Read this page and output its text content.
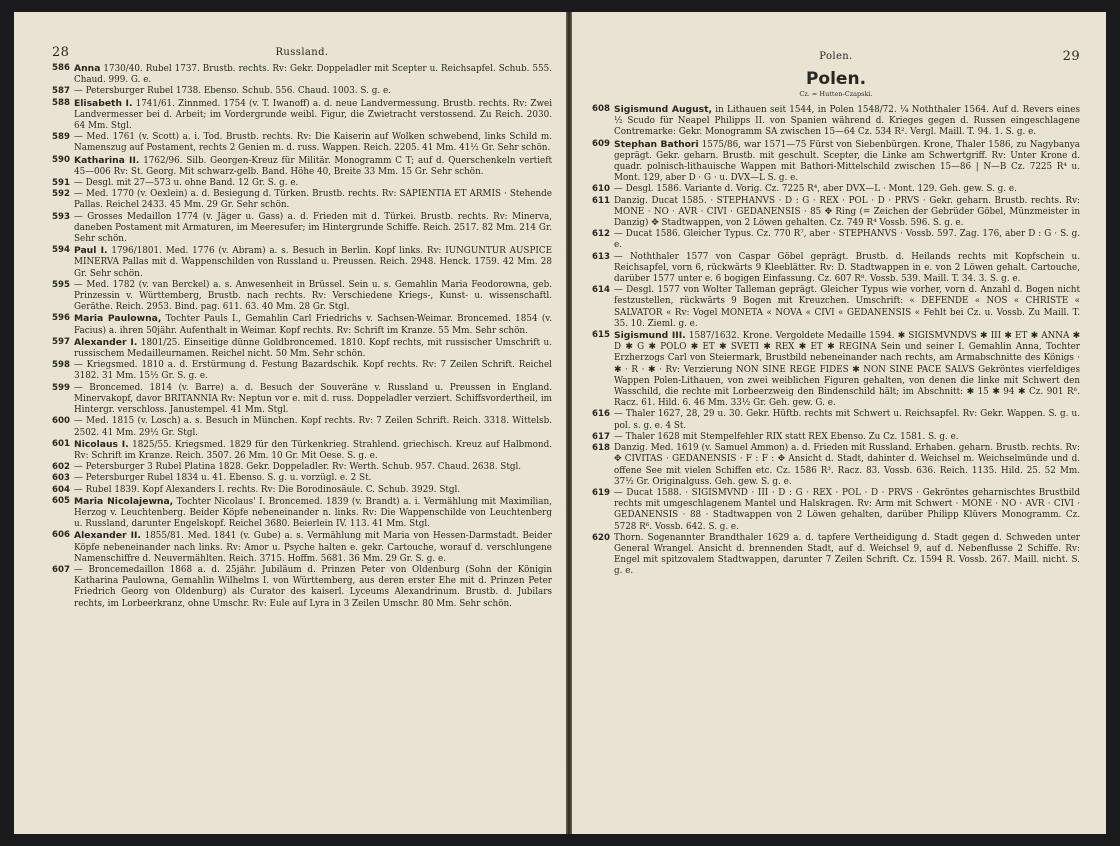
28	Russland.
586 Anna 1730/40. Rubel 1737. Brustb. rechts. Rv: Gekr. Doppeladler mit Scepter u. Reichsapfel. Schub. 555. Chaud. 999. G. e.
587 — Petersburger Rubel 1738. Ebenso. Schub. 556. Chaud. 1003. S. g. e.
588 Elisabeth I. 1741/61. Zinnmed. 1754 (v. T. Iwanoff) a. d. neue Landvermessung. Brustb. rechts. Rv: Zwei Landvermesser bei d. Arbeit; im Vordergrunde weibl. Figur, die Zwietracht verstossend. Zu Reich. 2030. 64 Mm. Stgl.
589 — Med. 1761 (v. Scott) a. i. Tod. Brustb. rechts. Rv: Die Kaiserin auf Wolken schwebend, links Schild m. Namenszug auf Postament, rechts 2 Genien m. d. russ. Wappen. Reich. 2205. 41 Mm. 41½ Gr. Sehr schön.
590 Katharina II. 1762/96. Silb. Georgen-Kreuz für Militär. Monogramm C T; auf d. Querschenkeln vertieft 45—006 Rv: St. Georg. Mit schwarz-gelb. Band. Höhe 40, Breite 33 Mm. 15 Gr. Sehr schön.
591 — Desgl. mit 27—573 u. ohne Band. 12 Gr. S. g. e.
592 — Med. 1770 (v. Oexlein) a. d. Besiegung d. Türken. Brustb. rechts. Rv: SAPIENTIA ET ARMIS · Stehende Pallas. Reichel 2433. 45 Mm. 29 Gr. Sehr schön.
593 — Grosses Medaillon 1774 (v. Jäger u. Gass) a. d. Frieden mit d. Türkei. Brustb. rechts. Rv: Minerva, daneben Postament mit Armaturen, im Meeresufer; im Hintergrunde Schiffe. Reich. 2517. 82 Mm. 214 Gr. Sehr schön.
594 Paul I. 1796/1801. Med. 1776 (v. Abram) a. s. Besuch in Berlin. Kopf links. Rv: IUNGUNTUR AUSPICE MINERVA Pallas mit d. Wappenschilden von Russland u. Preussen. Reich. 2948. Henck. 1759. 42 Mm. 28 Gr. Sehr schön.
595 — Med. 1782 (v. van Berckel) a. s. Anwesenheit in Brüssel. Sein u. s. Gemahlin Maria Feodorowna, geb. Prinzessin v. Württemberg, Brustb. nach rechts. Rv: Verschiedene Kriegs-, Kunst- u. wissenschaftl. Geräthe. Reich. 2953. Bind. pag. 611. 63. 40 Mm. 28 Gr. Stgl.
596 Maria Paulowna, Tochter Pauls I., Gemahlin Carl Friedrichs v. Sachsen-Weimar. Broncemed. 1854 (v. Facius) a. ihren 50jähr. Aufenthalt in Weimar. Kopf rechts. Rv: Schrift im Kranze. 55 Mm. Sehr schön.
597 Alexander I. 1801/25. Einseitige dünne Goldbroncemed. 1810. Kopf rechts, mit russischer Umschrift u. russischem Medailleurnamen. Reichel nicht. 50 Mm. Sehr schön.
598 — Kriegsmed. 1810 a. d. Erstürmung d. Festung Bazardschik. Kopf rechts. Rv: 7 Zeilen Schrift. Reichel 3182. 31 Mm. 15½ Gr. S. g. e.
599 — Broncemed. 1814 (v. Barre) a. d. Besuch der Souveräne v. Russland u. Preussen in England. Minervakopf, davor BRITANNIA Rv: Neptun vor e. mit d. russ. Doppeladler verziert. Schiffsvordertheil, im Hintergr. verschloss. Janustempel. 41 Mm. Stgl.
600 — Med. 1815 (v. Losch) a. s. Besuch in München. Kopf rechts. Rv: 7 Zeilen Schrift. Reich. 3318. Wittelsb. 2502. 41 Mm. 29½ Gr. Stgl.
601 Nicolaus I. 1825/55. Kriegsmed. 1829 für den Türkenkrieg. Strahlend. griechisch. Kreuz auf Halbmond. Rv: Schrift im Kranze. Reich. 3507. 26 Mm. 10 Gr. Mit Oese. S. g. e.
602 — Petersburger 3 Rubel Platina 1828. Gekr. Doppeladler. Rv: Werth. Schub. 957. Chaud. 2638. Stgl.
603 — Petersburger Rubel 1834 u. 41. Ebenso. S. g. u. vorzügl. e. 2 St.
604 — Rubel 1839. Kopf Alexanders I. rechts. Rv: Die Borodinosäule. C. Schub. 3929. Stgl.
605 Maria Nicolajewna, Tochter Nicolaus' I. Broncemed. 1839 (v. Brandt) a. i. Vermählung mit Maximilian, Herzog v. Leuchtenberg. Beider Köpfe nebeneinander n. links. Rv: Die Wappenschilde von Leuchtenberg u. Russland, darunter Engelskopf. Reichel 3680. Beierlein IV. 113. 41 Mm. Stgl.
606 Alexander II. 1855/81. Med. 1841 (v. Gube) a. s. Vermählung mit Maria von Hessen-Darmstadt. Beider Köpfe nebeneinander nach links. Rv: Amor u. Psyche halten e. gekr. Cartouche, worauf d. verschlungene Namenschiffre d. Neuvermählten. Reich. 3715. Hoffm. 5681. 36 Mm. 29 Gr. S. g. e.
607 — Broncemedaillon 1868 a. d. 25jähr. Jubiläum d. Prinzen Peter von Oldenburg (Sohn der Königin Katharina Paulowna, Gemahlin Wilhelms I. von Württemberg, aus deren erster Ehe mit d. Prinzen Peter Friedrich Georg von Oldenburg) als Curator des kaiserl. Lyceums Alexandrinum. Brustb. d. Jubilars rechts, im Lorbeerkranz, ohne Umschr. Rv: Eule auf Lyra in 3 Zeilen Umschr. 80 Mm. Sehr schön.
Polen.	29
Polen.
Cz. = Hutten-Czapski.
608 Sigismund August, in Lithauen seit 1544, in Polen 1548/72. ¼ Noththaler 1564. Auf d. Revers eines ½ Scudo für Neapel Philipps II. von Spanien während d. Krieges gegen d. Russen eingeschlagene Contremarke: Gekr. Monogramm SA zwischen 15—64 Cz. 534 R². Vergl. Maill. T. 94. 1. S. g. e.
609 Stephan Bathori 1575/86, war 1571—75 Fürst von Siebenbürgen. Krone, Thaler 1586, zu Nagybanya geprägt. Gekr. geharn. Brustb. mit geschult. Scepter, die Linke am Schwertgriff. Rv: Unter Krone d. quadr. polnisch-lithauische Wappen mit Bathori-Mittelschild zwischen 15—86 | N—B Cz. 7225 R⁴ u. Mont. 129, aber D · G · u. DVX—L S. g. e.
610 — Desgl. 1586. Variante d. Vorig. Cz. 7225 R⁴, aber DVX—L · Mont. 129. Geh. gew. S. g. e.
611 Danzig. Ducat 1585. · STEPHANVS · D : G · REX · POL · D · PRVS · Gekr. geharn. Brustb. rechts. Rv: MONE · NO · AVR · CIVI · GEDANENSIS · 85 ✥ Ring (= Zeichen der Gebrüder Göbel, Münzmeister in Danzig) ✥ Stadtwappen, von 2 Löwen gehalten. Cz. 749 R⁴ Vossb. 596. S. g. e.
612 — Ducat 1586. Gleicher Typus. Cz. 770 R⁷, aber · STEPHANVS · Vossb. 597. Zag. 176, aber D : G · S. g. e.
613 — Noththaler 1577 von Caspar Göbel geprägt. Brustb. d. Heilands rechts mit Kopfschein u. Reichsapfel, vorn 6, rückwärts 9 Kleeblätter. Rv: D. Stadtwappen in e. von 2 Löwen gehalt. Cartouche, darüber 1577 unter e. 6 bogigen Einfassung. Cz. 607 R⁸. Vossb. 539. Maill. T. 34. 3. S. g. e.
614 — Desgl. 1577 von Wolter Talleman geprägt. Gleicher Typus wie vorher, vorn d. Anzahl d. Bogen nicht festzustellen, rückwärts 9 Bogen mit Kreuzchen. Umschrift: « DEFENDE « NOS « CHRISTE « SALVATOR « Rv: Vogel MONETA « NOVA « CIVI « GEDANENSIS « Fehlt bei Cz. u. Vossb. Zu Maill. T. 35. 10. Zieml. g. e.
615 Sigismund III. 1587/1632. Krone. Vergoldete Medaille 1594. ✱ SIGISMVNDVS ✱ III ✱ ET ✱ ANNA ✱ D ✱ G ✱ POLO ✱ ET ✱ SVETI ✱ REX ✱ ET ✱ REGINA Sein und seiner I. Gemahlin Anna, Tochter Erzherzogs Carl von Steiermark, Brustbild nebeneinander nach rechts, am Armabschnitte des Königs · ✱ · R · ✱ · Rv: Verzierung NON SINE REGE FIDES ✱ NON SINE PACE SALVS Gekröntes vierfeldiges Wappen Polen-Lithauen, von zwei weiblichen Figuren gehalten, von denen die linke mit Schwert den Wasschild, die rechte mit Lorbeerzweig den Bindenschild hält; im Abschnitt: ✱ 15 ✱ 94 ✱ Cz. 901 R⁶. Racz. 61. Hild. 6. 46 Mm. 33½ Gr. Geh. gew. G. e.
616 — Thaler 1627, 28, 29 u. 30. Gekr. Hüftb. rechts mit Schwert u. Reichsapfel. Rv: Gekr. Wappen. S. g. u. pol. s. g. e. 4 St.
617 — Thaler 1628 mit Stempelfehler RIX statt REX Ebenso. Zu Cz. 1581. S. g. e.
618 Danzig. Med. 1619 (v. Samuel Ammon) a. d. Frieden mit Russland. Erhaben. geharn. Brustb. rechts. Rv: ✥ CIVITAS · GEDANENSIS · F : F : ✥ Ansicht d. Stadt, dahinter d. Weichsel m. Weichselmünde und d. offene See mit vielen Schiffen etc. Cz. 1586 R³. Racz. 83. Vossb. 636. Reich. 1135. Hild. 25. 52 Mm. 37½ Gr. Originalguss. Geh. gew. S. g. e.
619 — Ducat 1588. · SIGISMVND · III · D : G · REX · POL · D · PRVS · Gekröntes geharnischtes Brustbild rechts mit umgeschlagenem Mantel und Halskragen. Rv: Arm mit Schwert · MONE · NO · AVR · CIVI · GEDANENSIS · 88 · Stadtwappen von 2 Löwen gehalten, darüber Philipp Klüvers Monogramm. Cz. 5728 R⁶. Vossb. 642. S. g. e.
620 Thorn. Sogenannter Brandthaler 1629 a. d. tapfere Vertheidigung d. Stadt gegen d. Schweden unter General Wrangel. Ansicht d. brennenden Stadt, auf d. Weichsel 9, auf d. Nebenflusse 2 Schiffe. Rv: Engel mit spitzovalem Stadtwappen, darunter 7 Zeilen Schrift. Cz. 1594 R. Vossb. 267. Maill. nicht. S. g. e.
